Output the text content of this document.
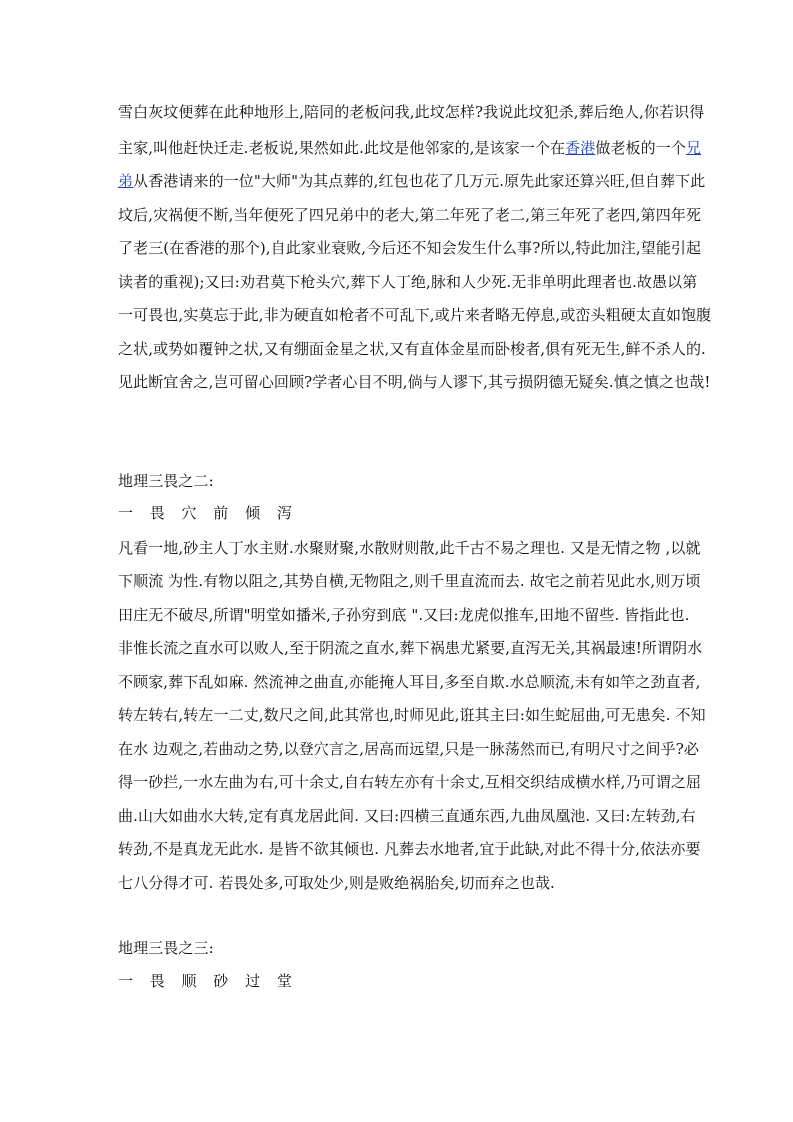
雪白灰坟便葬在此种地形上,陪同的老板问我,此坟怎样?我说此坟犯杀,葬后绝人,你若识得
主家,叫他赶快迁走.老板说,果然如此.此坟是他邻家的,是该家一个在香港做老板的一个兄
弟从香港请来的一位"大师"为其点葬的,红包也花了几万元.原先此家还算兴旺,但自葬下此
坟后,灾祸便不断,当年便死了四兄弟中的老大,第二年死了老二,第三年死了老四,第四年死
了老三(在香港的那个),自此家业衰败,今后还不知会发生什么事?所以,特此加注,望能引起
读者的重视);又曰:劝君莫下枪头穴,葬下人丁绝,脉和人少死.无非单明此理者也.故愚以第
一可畏也,实莫忘于此,非为硬直如枪者不可乱下,或片来者略无停息,或峦头粗硬太直如饱腹
之状,或势如覆钟之状,又有绷面金星之状,又有直体金星而卧梭者,俱有死无生,鲜不杀人的.
见此断宜舍之,岂可留心回顾?学者心目不明,倘与人谬下,其亏损阴德无疑矣.慎之慎之也哉!
地理三畏之二:
一 畏 穴 前 倾 泻
凡看一地,砂主人丁水主财.水聚财聚,水散财则散,此千古不易之理也. 又是无情之物 ,以就
下顺流 为性.有物以阻之,其势自横,无物阻之,则千里直流而去. 故宅之前若见此水,则万顷
田庄无不破尽,所谓"明堂如播米,子孙穷到底 ".又曰:龙虎似推车,田地不留些. 皆指此也.
非惟长流之直水可以败人,至于阴流之直水,葬下祸患尤紧要,直泻无关,其祸最速!所谓阴水
不顾家,葬下乱如麻. 然流神之曲直,亦能掩人耳目,多至自欺.水总顺流,未有如竿之劲直者,
转左转右,转左一二丈,数尺之间,此其常也,时师见此,诳其主曰:如生蛇屈曲,可无患矣. 不知
在水 边观之,若曲动之势,以登穴言之,居高而远望,只是一脉荡然而已,有明尺寸之间乎?必
得一砂拦,一水左曲为右,可十余丈,自右转左亦有十余丈,互相交织结成横水样,乃可谓之屈
曲.山大如曲水大转,定有真龙居此间. 又曰:四横三直通东西,九曲凤凰池. 又曰:左转劲,右
转劲,不是真龙无此水. 是皆不欲其倾也. 凡葬去水地者,宜于此缺,对此不得十分,依法亦要
七八分得才可. 若畏处多,可取处少,则是败绝祸胎矣,切而弃之也哉.
地理三畏之三:
一 畏 顺 砂 过 堂
